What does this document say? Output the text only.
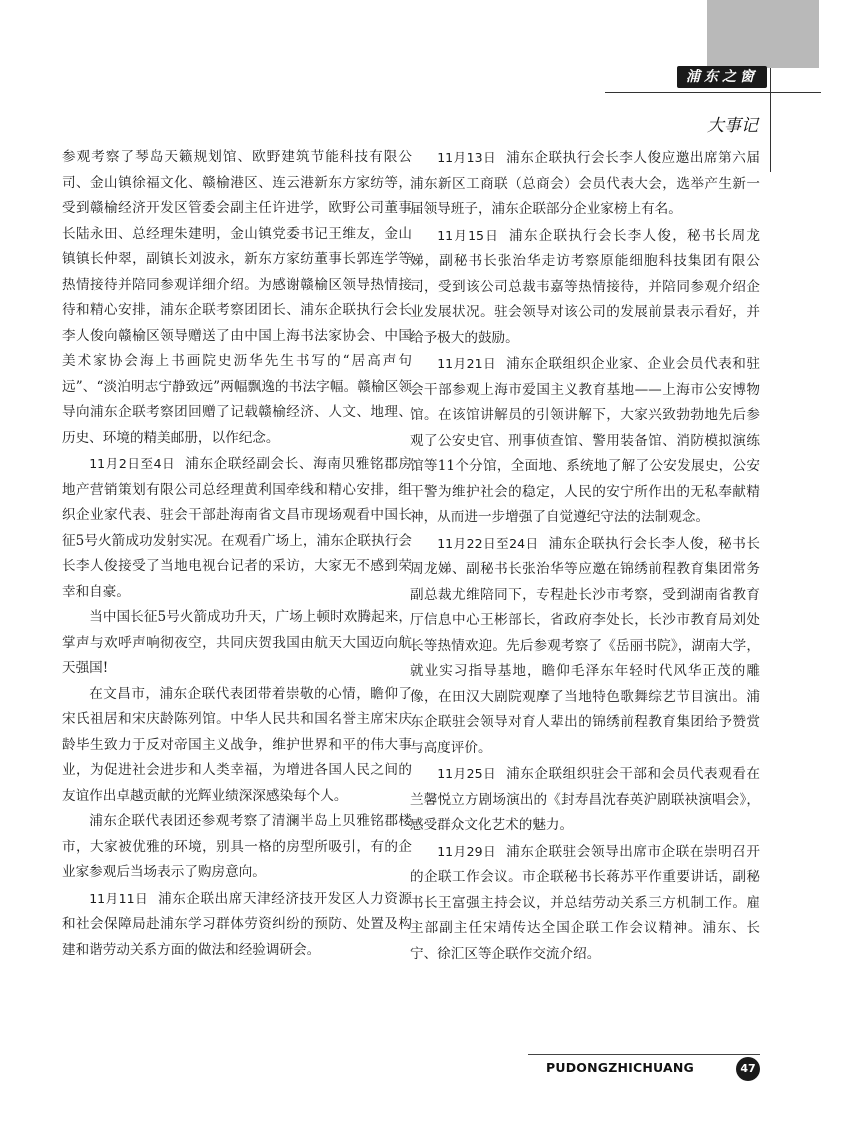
浦东之窗
大事记

参观考察了琴岛天籁规划馆、欧野建筑节能科技有限公司、金山镇徐福文化、赣榆港区、连云港新东方家纺等，受到赣榆经济开发区管委会副主任许进学，欧野公司董事长陆永田、总经理朱建明，金山镇党委书记王维友，金山镇镇长仲翠，副镇长刘波永，新东方家纺董事长郭连学等热情接待并陪同参观详细介绍。为感谢赣榆区领导热情接待和精心安排，浦东企联考察团团长、浦东企联执行会长李人俊向赣榆区领导赠送了由中国上海书法家协会、中国美术家协会海上书画院史沥华先生书写的“居高声句远”、“淡泊明志宁静致远”两幅飘逸的书法字幅。赣榆区领导向浦东企联考察团回赠了记载赣榆经济、人文、地理、历史、环境的精美邮册，以作纪念。

11月2日至4日 浦东企联经副会长、海南贝雅铭郡房地产营销策划有限公司总经理黄利国牵线和精心安排，组织企业家代表、驻会干部赴海南省文昌市现场观看中国长征5号火箭成功发射实况。在观看广场上，浦东企联执行会长李人俊接受了当地电视台记者的采访，大家无不感到荣幸和自豪。

当中国长征5号火箭成功升天，广场上顿时欢腾起来，掌声与欢呼声响彻夜空，共同庆贺我国由航天大国迈向航天强国!

在文昌市，浦东企联代表团带着崇敬的心情，瞻仰了宋氏祖居和宋庆龄陈列馆。中华人民共和国名誉主席宋庆龄毕生致力于反对帝国主义战争，维护世界和平的伟大事业，为促进社会进步和人类幸福，为增进各国人民之间的友谊作出卓越贡献的光辉业绩深深感染每个人。

浦东企联代表团还参观考察了清澜半岛上贝雅铭郡楼市，大家被优雅的环境，别具一格的房型所吸引，有的企业家参观后当场表示了购房意向。

11月11日 浦东企联出席天津经济技开发区人力资源和社会保障局赴浦东学习群体劳资纠纷的预防、处置及构建和谐劳动关系方面的做法和经验调研会。

11月13日 浦东企联执行会长李人俊应邀出席第六届浦东新区工商联（总商会）会员代表大会，选举产生新一届领导班子，浦东企联部分企业家榜上有名。

11月15日 浦东企联执行会长李人俊，秘书长周龙娣，副秘书长张治华走访考察原能细胞科技集团有限公司，受到该公司总裁韦嘉等热情接待，并陪同参观介绍企业发展状况。驻会领导对该公司的发展前景表示看好，并给予极大的鼓励。

11月21日 浦东企联组织企业家、企业会员代表和驻会干部参观上海市爱国主义教育基地——上海市公安博物馆。在该馆讲解员的引领讲解下，大家兴致勃勃地先后参观了公安史官、刑事侦查馆、警用装备馆、消防模拟演练馆等11个分馆，全面地、系统地了解了公安发展史，公安干警为维护社会的稳定，人民的安宁所作出的无私奉献精神，从而进一步增强了自觉遵纪守法的法制观念。

11月22日至24日 浦东企联执行会长李人俊，秘书长周龙娣、副秘书长张治华等应邀在锦绣前程教育集团常务副总裁尤维陪同下，专程赴长沙市考察，受到湖南省教育厅信息中心王彬部长，省政府李处长，长沙市教育局刘处长等热情欢迎。先后参观考察了《岳丽书院》，湖南大学，就业实习指导基地，瞻仰毛泽东年轻时代风华正茂的雕像，在田汉大剧院观摩了当地特色歌舞综艺节目演出。浦东企联驻会领导对育人辈出的锦绣前程教育集团给予赞赏与高度评价。

11月25日 浦东企联组织驻会干部和会员代表观看在兰馨悦立方剧场演出的《封寿昌沈春英沪剧联袂演唱会》，感受群众文化艺术的魅力。

11月29日 浦东企联驻会领导出席市企联在崇明召开的企联工作会议。市企联秘书长蒋苏平作重要讲话，副秘书长王富强主持会议，并总结劳动关系三方机制工作。雇主部副主任宋靖传达全国企联工作会议精神。浦东、长宁、徐汇区等企联作交流介绍。

PUDONGZHICHUANG	47
